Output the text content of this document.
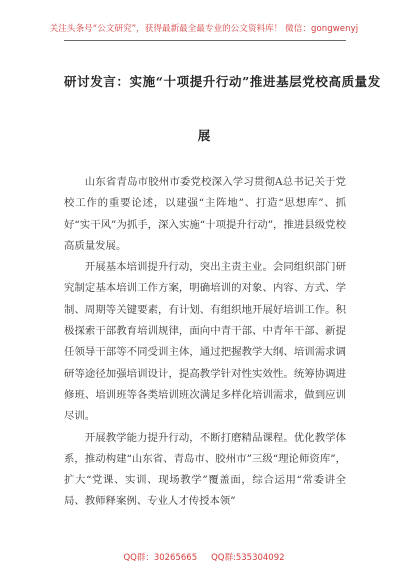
关注头条号“公文研究”，获得最新最全最专业的公文资料库！ 微信：gongwenyj
研讨发言：实施“十项提升行动”推进基层党校高质量发
展

山东省青岛市胶州市委党校深入学习贯彻A总书记关于党校工作的重要论述，以建强“主阵地”、打造“思想库”、抓好“实干风”为抓手，深入实施“十项提升行动”，推进县级党校高质量发展。

开展基本培训提升行动，突出主责主业。会同组织部门研究制定基本培训工作方案，明确培训的对象、内容、方式、学制、周期等关键要素，有计划、有组织地开展好培训工作。积极探索干部教育培训规律，面向中青干部、中青年干部、新提任领导干部等不同受训主体，通过把握教学大纲、培训需求调研等途径加强培训设计，提高教学针对性实效性。统筹协调进修班、培训班等各类培训班次满足多样化培训需求，做到应训尽训。

开展教学能力提升行动，不断打磨精品课程。优化教学体系，推动构建“山东省、青岛市、胶州市”三级“理论师资库”，扩大“党课、实训、现场教学”覆盖面，综合运用“常委讲全局、教师释案例、专业人才传授本领”

QQ群：30265665 QQ群:535304092
